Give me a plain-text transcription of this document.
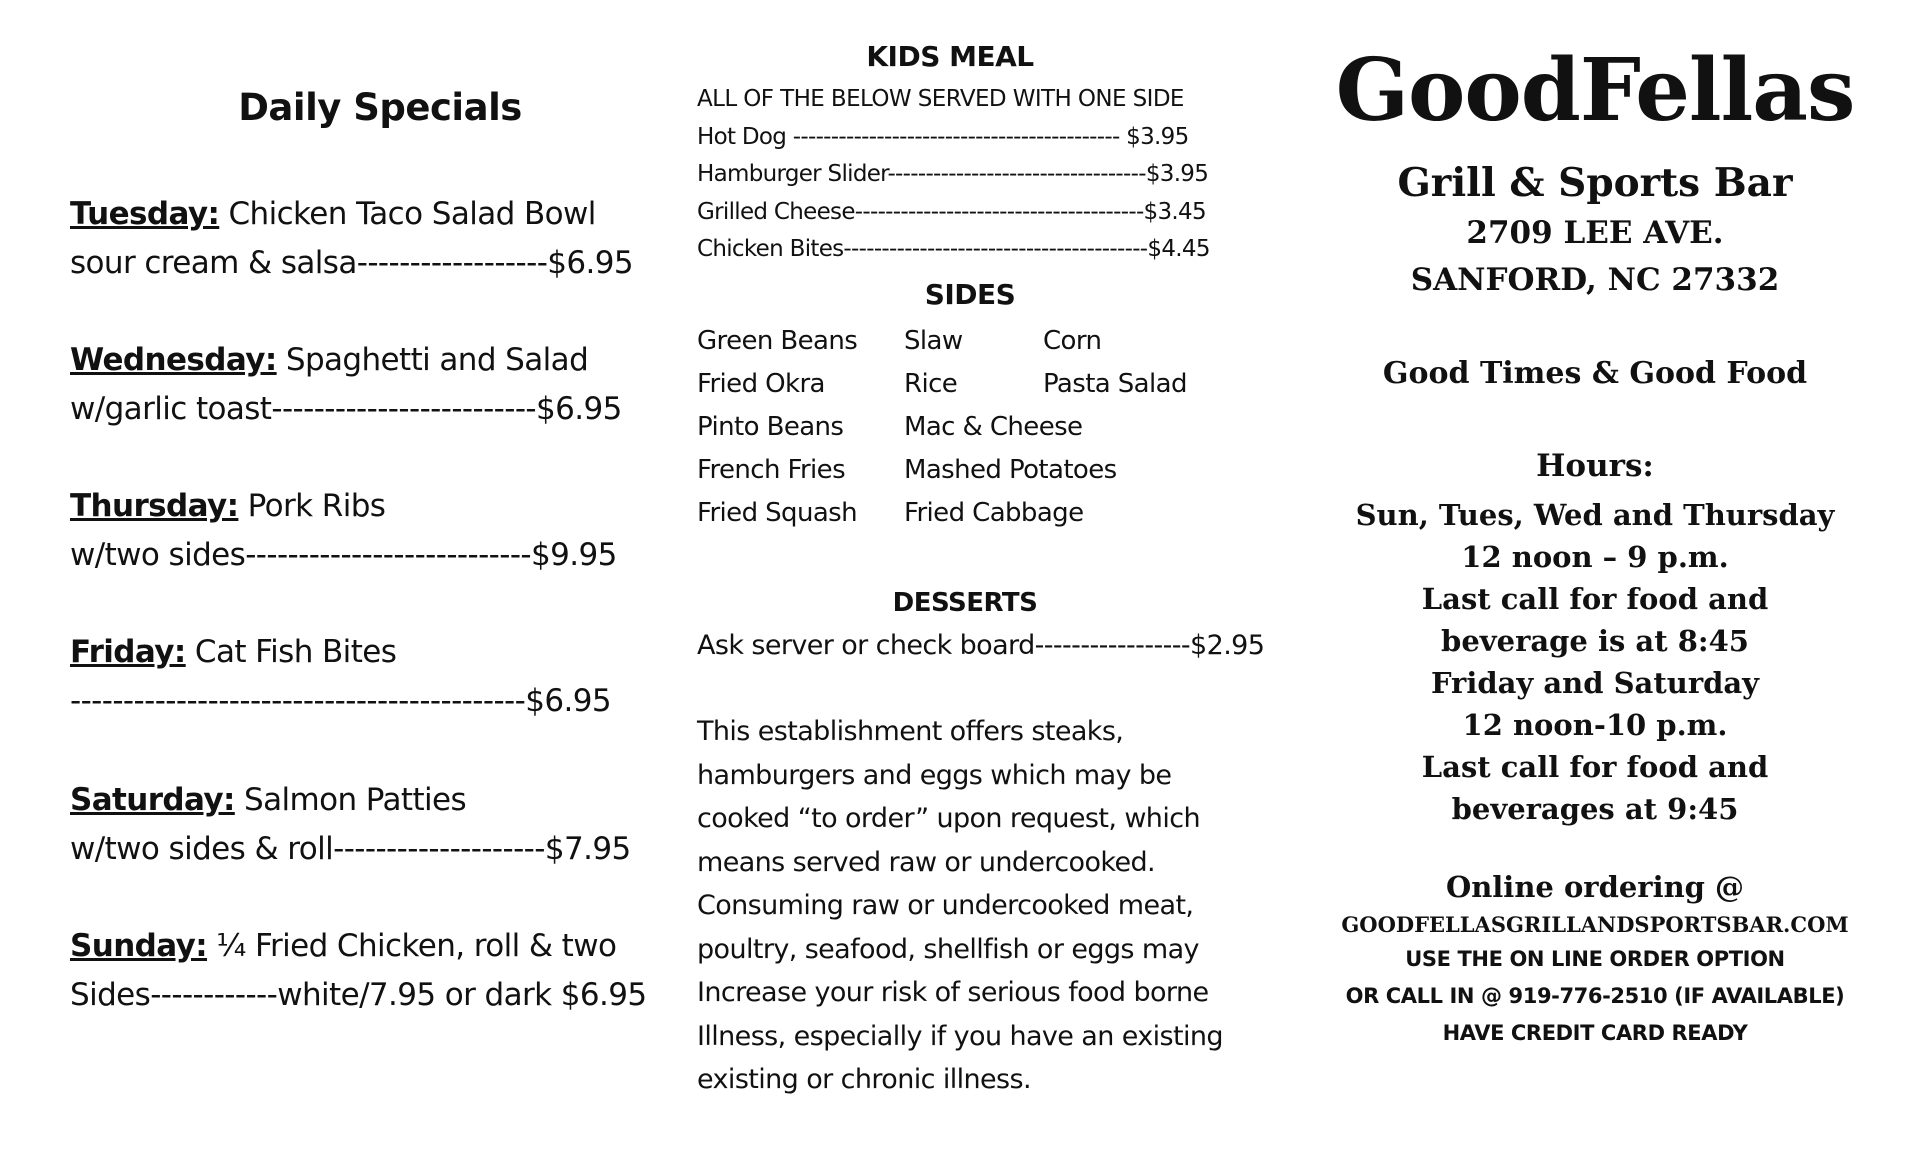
Daily Specials
Tuesday: Chicken Taco Salad Bowl
sour cream & salsa------------------$6.95
Wednesday: Spaghetti and Salad
w/garlic toast-------------------------$6.95
Thursday: Pork Ribs
w/two sides---------------------------$9.95
Friday: Cat Fish Bites
-------------------------------------------$6.95
Saturday: Salmon Patties
w/two sides & roll--------------------$7.95
Sunday: ¼ Fried Chicken, roll & two
Sides------------white/7.95 or dark $6.95
KIDS MEAL
ALL OF THE BELOW SERVED WITH ONE SIDE
Hot Dog ------------------------------------------- $3.95
Hamburger Slider----------------------------------$3.95
Grilled Cheese--------------------------------------$3.45
Chicken Bites----------------------------------------$4.45
SIDES
Green Beans
Fried Okra
Pinto Beans
French Fries
Fried Squash
Slaw
Rice
Mac & Cheese
Mashed Potatoes
Fried Cabbage
Corn
Pasta Salad
DESSERTS
Ask server or check board-----------------$2.95
This establishment offers steaks,
hamburgers and eggs which may be
cooked “to order” upon request, which
means served raw or undercooked.
Consuming raw or undercooked meat,
poultry, seafood, shellfish or eggs may
Increase your risk of serious food borne
Illness, especially if you have an existing
existing or chronic illness.
GoodFellas
Grill & Sports Bar
2709 LEE AVE.
SANFORD, NC 27332
Good Times & Good Food
Hours:
Sun, Tues, Wed and Thursday
12 noon – 9 p.m.
Last call for food and
beverage is at 8:45
Friday and Saturday
12 noon-10 p.m.
Last call for food and
beverages at 9:45
Online ordering @
GOODFELLASGRILLANDSPORTSBAR.COM
USE THE ON LINE ORDER OPTION
OR CALL IN @ 919-776-2510 (IF AVAILABLE)
HAVE CREDIT CARD READY
